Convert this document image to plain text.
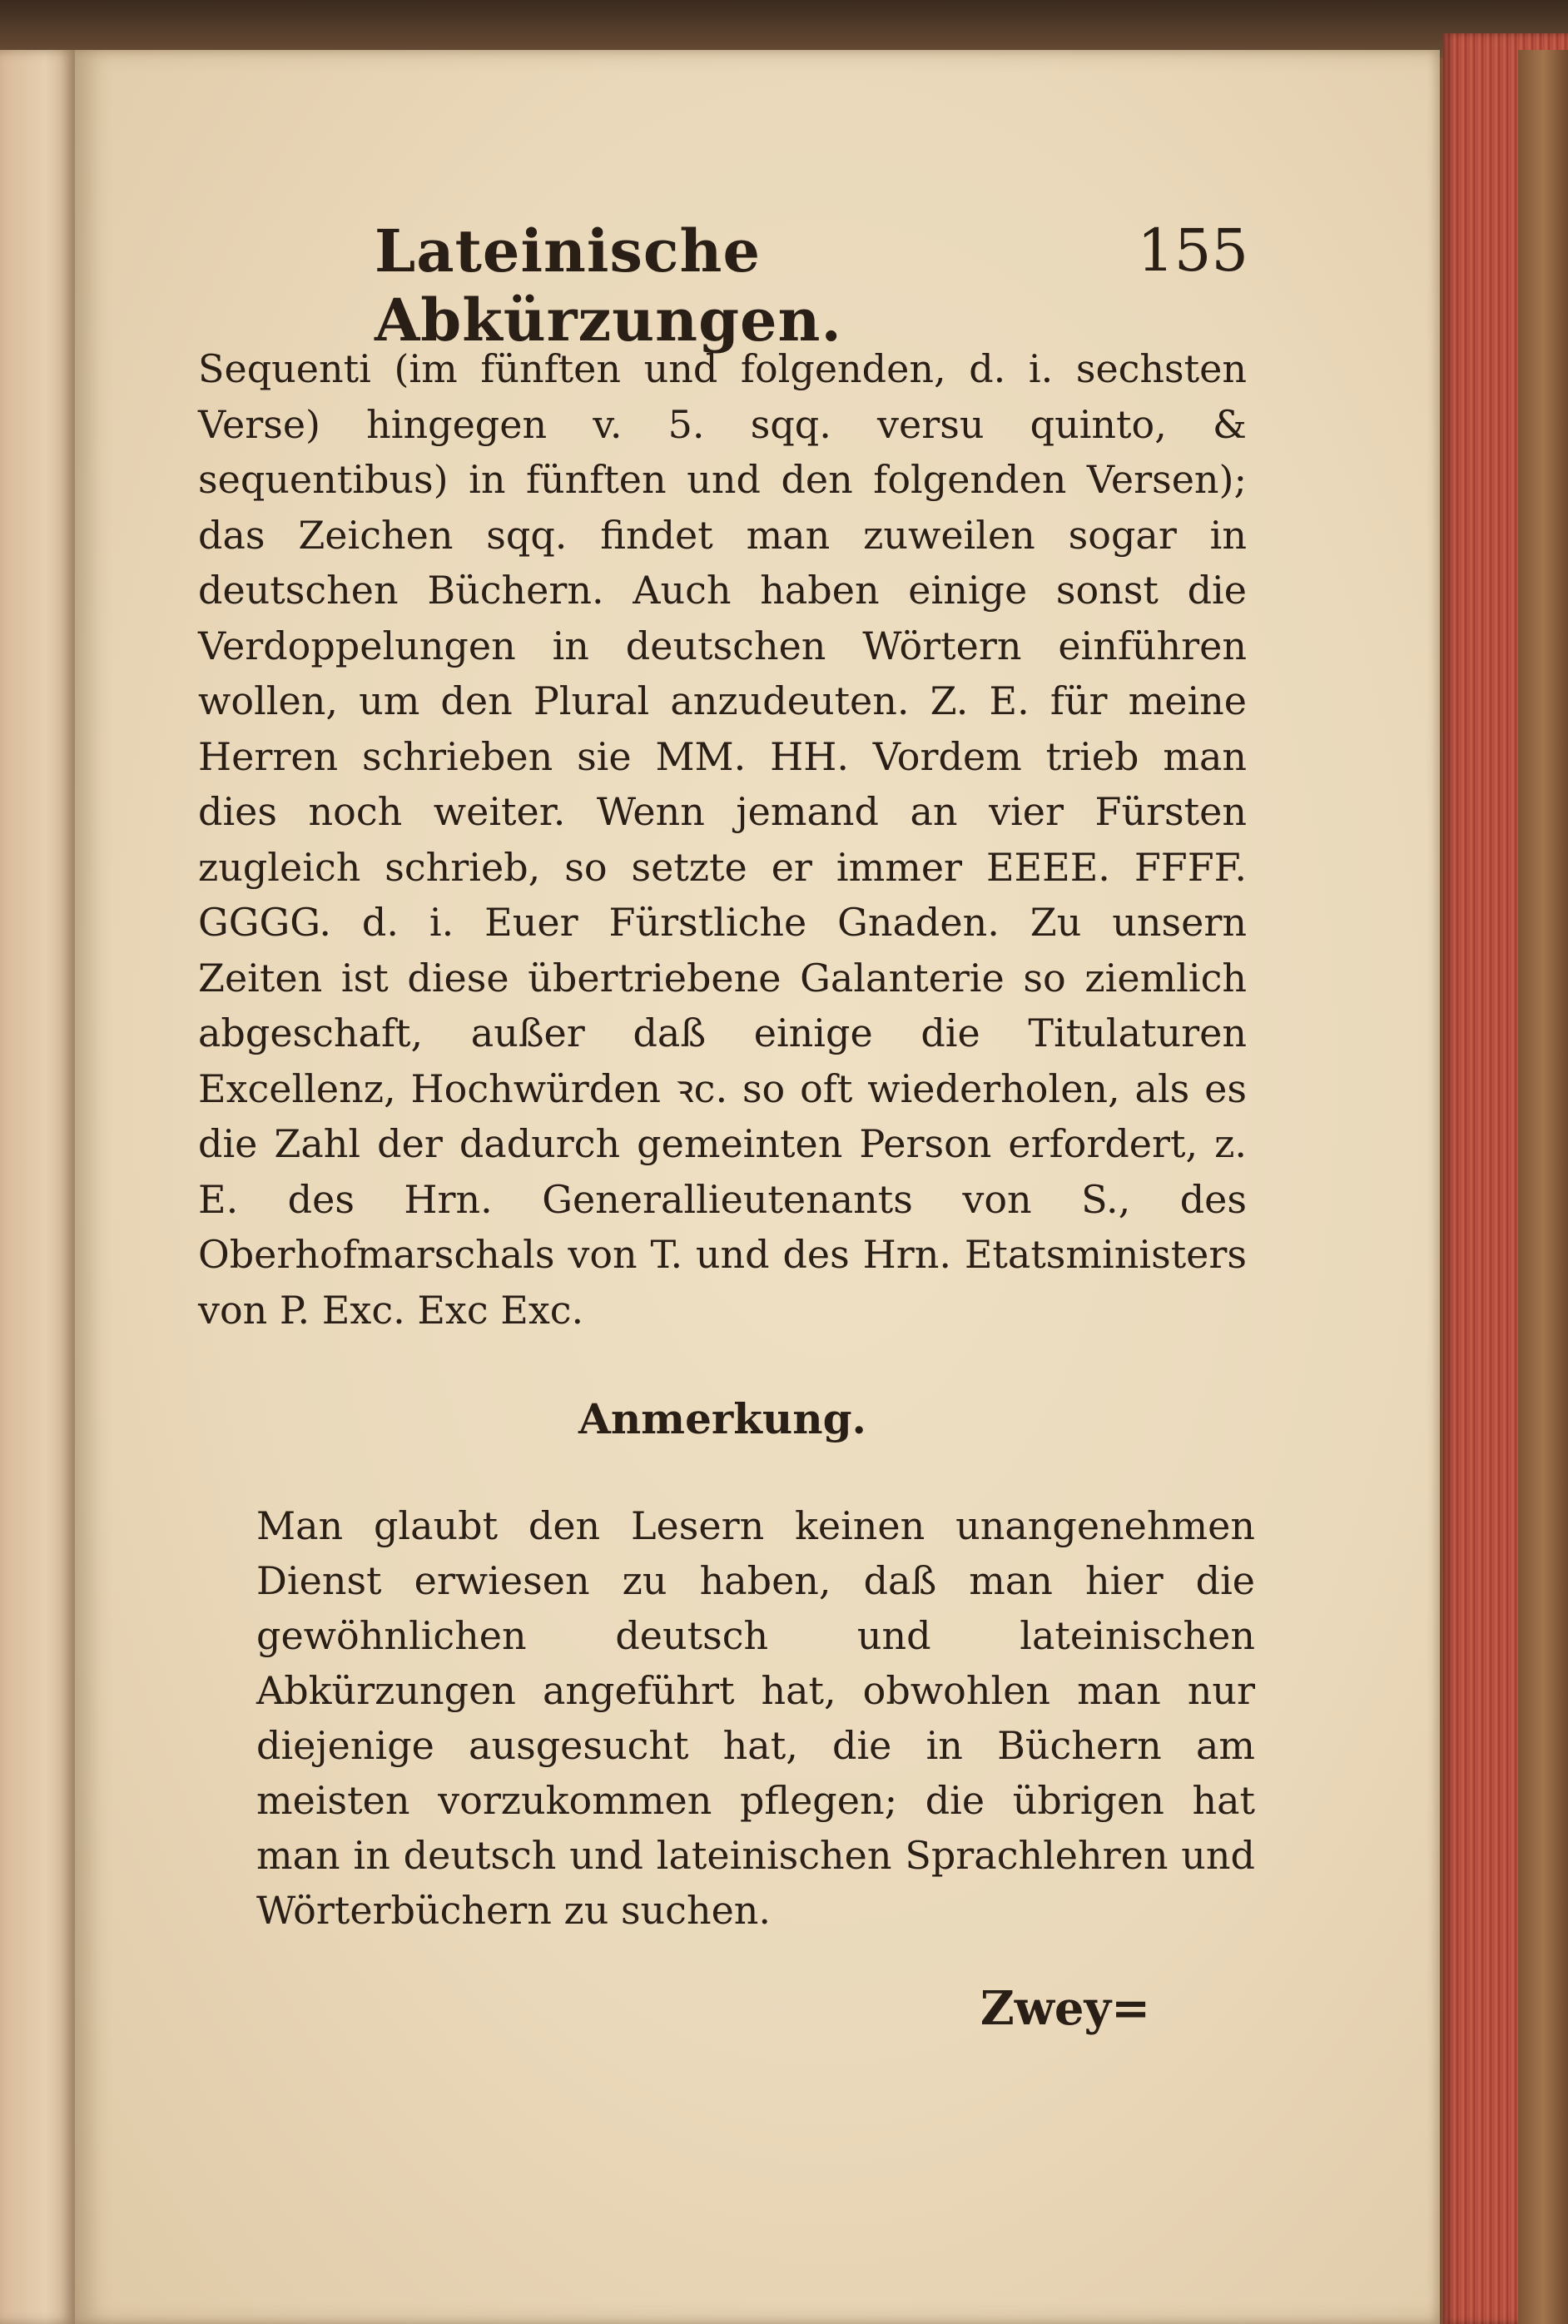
Lateinische Abkürzungen.
155

Sequenti (im fünften und folgenden, d. i. sechsten Verse) hingegen v. 5. sqq. versu quinto, & sequentibus) in fünften und den folgenden Versen); das Zeichen sqq. findet man zuweilen sogar in deutschen Büchern. Auch haben einige sonst die Verdoppelungen in deutschen Wörtern einführen wollen, um den Plural anzudeuten. Z. E. für meine Herren schrieben sie MM. HH. Vordem trieb man dies noch weiter. Wenn jemand an vier Fürsten zugleich schrieb, so setzte er immer EEEE. FFFF. GGGG. d. i. Euer Fürstliche Gnaden. Zu unsern Zeiten ist diese übertriebene Galanterie so ziemlich abgeschaft, außer daß einige die Titulaturen Excellenz, Hochwürden ꝛc. so oft wiederholen, als es die Zahl der dadurch gemeinten Person erfordert, z. E. des Hrn. Generallieutenants von S., des Oberhofmarschals von T. und des Hrn. Etatsministers von P. Exc. Exc Exc.

Anmerkung.

Man glaubt den Lesern keinen unangenehmen Dienst erwiesen zu haben, daß man hier die gewöhnlichen deutsch und lateinischen Abkürzungen angeführt hat, obwohlen man nur diejenige ausgesucht hat, die in Büchern am meisten vorzukommen pflegen; die übrigen hat man in deutsch und lateinischen Sprachlehren und Wörterbüchern zu suchen.

Zwey=
